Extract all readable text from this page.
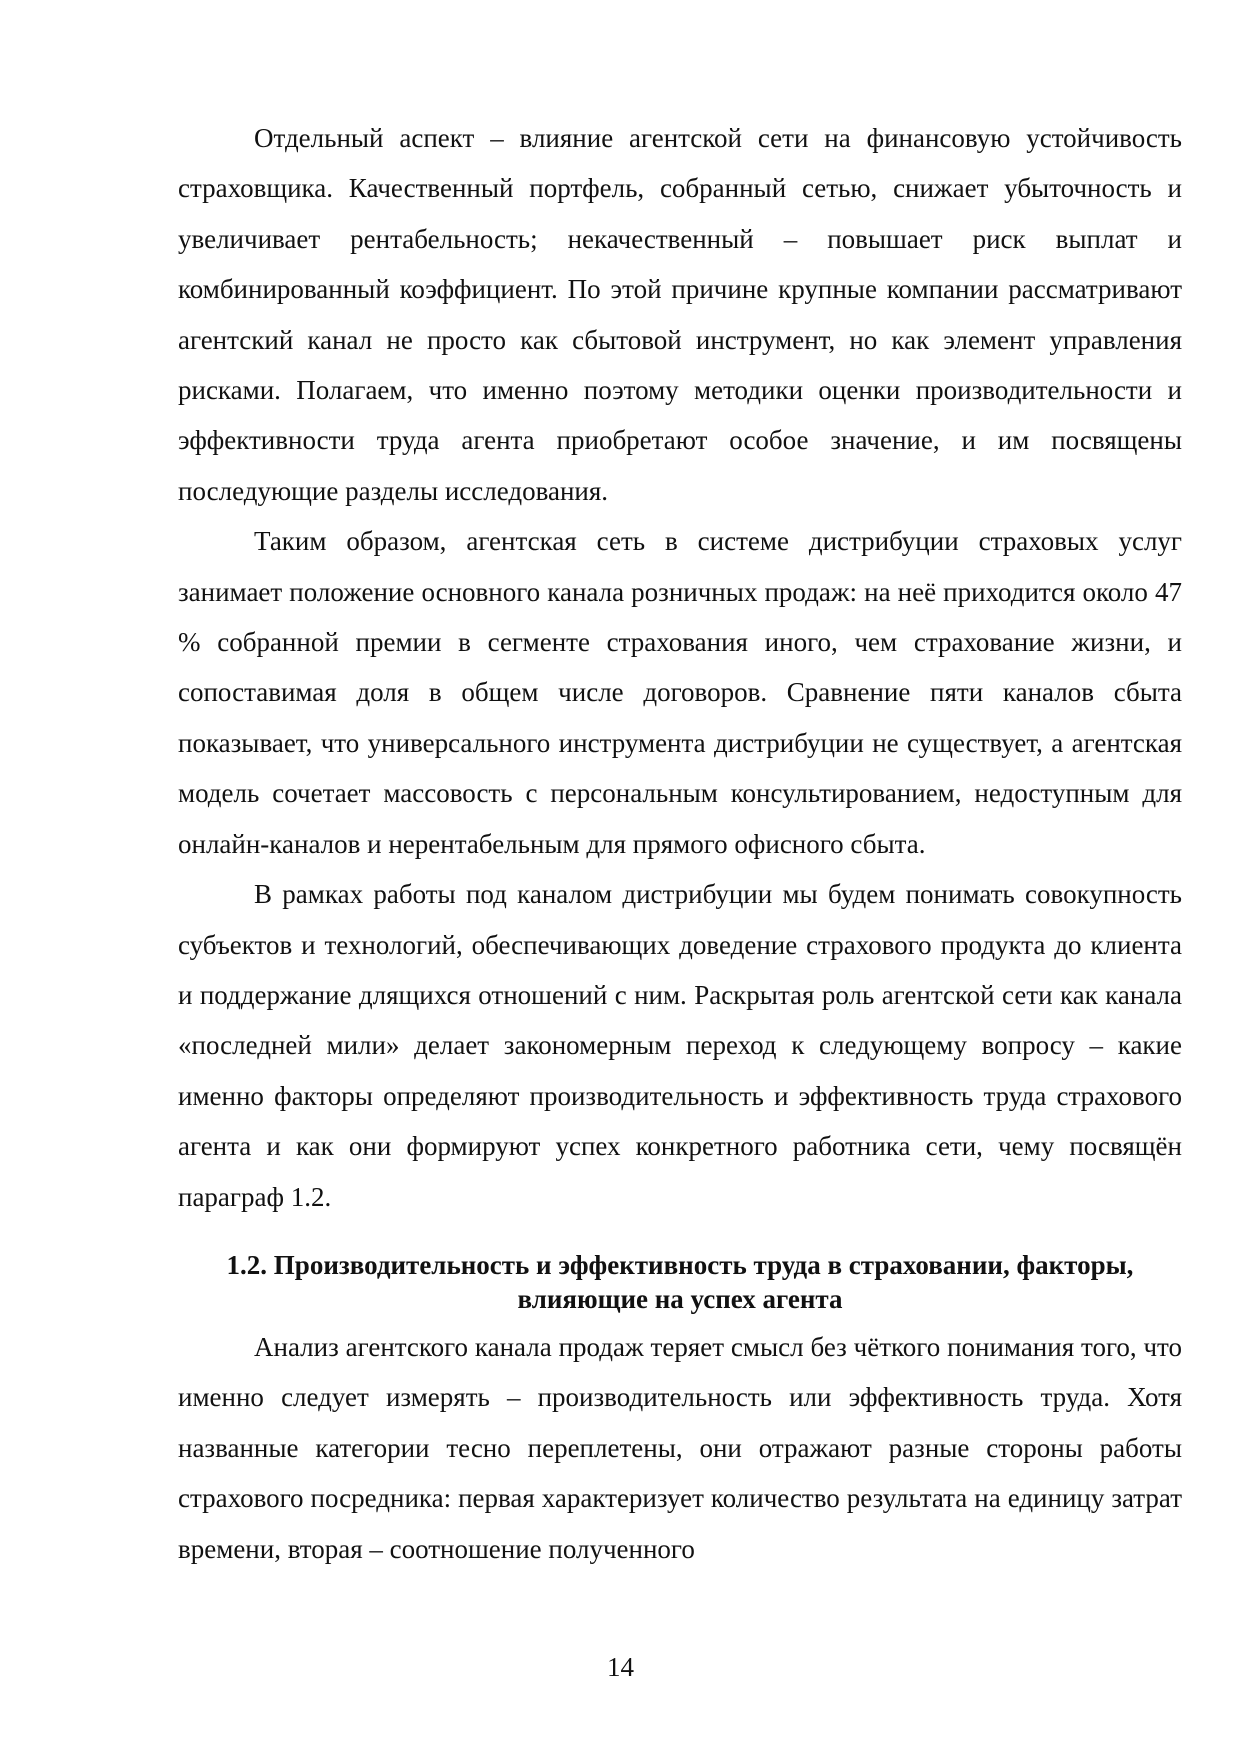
Отдельный аспект – влияние агентской сети на финансовую устойчивость страховщика. Качественный портфель, собранный сетью, снижает убыточность и увеличивает рентабельность; некачественный – повышает риск выплат и комбинированный коэффициент. По этой причине крупные компании рассматривают агентский канал не просто как сбытовой инструмент, но как элемент управления рисками. Полагаем, что именно поэтому методики оценки производительности и эффективности труда агента приобретают особое значение, и им посвящены последующие разделы исследования.

Таким образом, агентская сеть в системе дистрибуции страховых услуг занимает положение основного канала розничных продаж: на неё приходится около 47 % собранной премии в сегменте страхования иного, чем страхование жизни, и сопоставимая доля в общем числе договоров. Сравнение пяти каналов сбыта показывает, что универсального инструмента дистрибуции не существует, а агентская модель сочетает массовость с персональным консультированием, недоступным для онлайн-каналов и нерентабельным для прямого офисного сбыта.

В рамках работы под каналом дистрибуции мы будем понимать совокупность субъектов и технологий, обеспечивающих доведение страхового продукта до клиента и поддержание длящихся отношений с ним. Раскрытая роль агентской сети как канала «последней мили» делает закономерным переход к следующему вопросу – какие именно факторы определяют производительность и эффективность труда страхового агента и как они формируют успех конкретного работника сети, чему посвящён параграф 1.2.

1.2. Производительность и эффективность труда в страховании, факторы,
влияющие на успех агента

Анализ агентского канала продаж теряет смысл без чёткого понимания того, что именно следует измерять – производительность или эффективность труда. Хотя названные категории тесно переплетены, они отражают разные стороны работы страхового посредника: первая характеризует количество результата на единицу затрат времени, вторая – соотношение полученного

14
